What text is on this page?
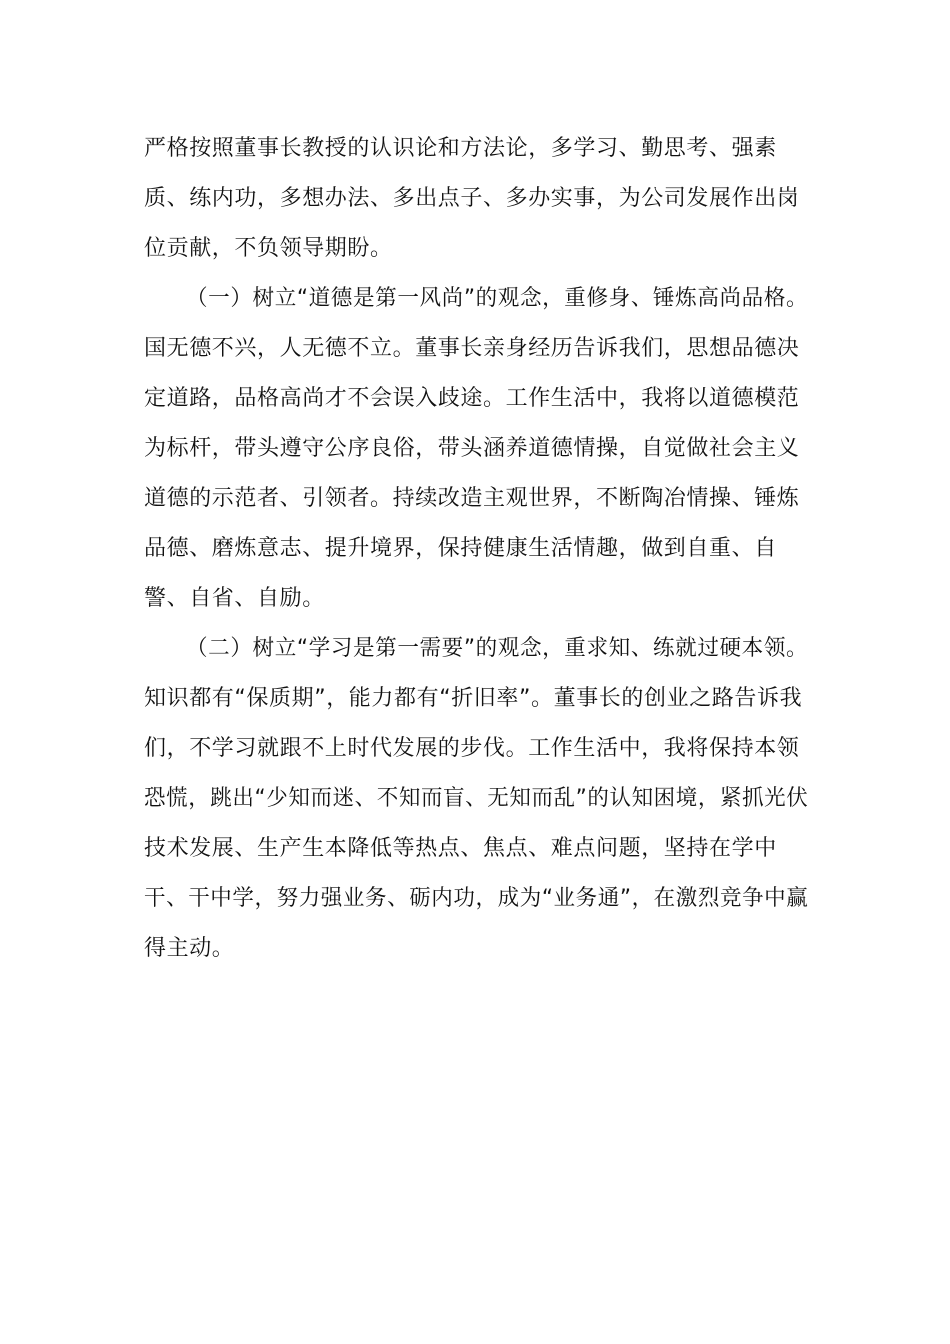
严格按照董事长教授的认识论和方法论，多学习、勤思考、强素
质、练内功，多想办法、多出点子、多办实事，为公司发展作出岗
位贡献，不负领导期盼。
（一）树立“道德是第一风尚”的观念，重修身、锤炼高尚品格。
国无德不兴，人无德不立。董事长亲身经历告诉我们，思想品德决
定道路，品格高尚才不会误入歧途。工作生活中，我将以道德模范
为标杆，带头遵守公序良俗，带头涵养道德情操，自觉做社会主义
道德的示范者、引领者。持续改造主观世界，不断陶冶情操、锤炼
品德、磨炼意志、提升境界，保持健康生活情趣，做到自重、自
警、自省、自励。
（二）树立“学习是第一需要”的观念，重求知、练就过硬本领。
知识都有“保质期”，能力都有“折旧率”。董事长的创业之路告诉我
们，不学习就跟不上时代发展的步伐。工作生活中，我将保持本领
恐慌，跳出“少知而迷、不知而盲、无知而乱”的认知困境，紧抓光伏
技术发展、生产生本降低等热点、焦点、难点问题，坚持在学中
干、干中学，努力强业务、砺内功，成为“业务通”，在激烈竞争中赢
得主动。
